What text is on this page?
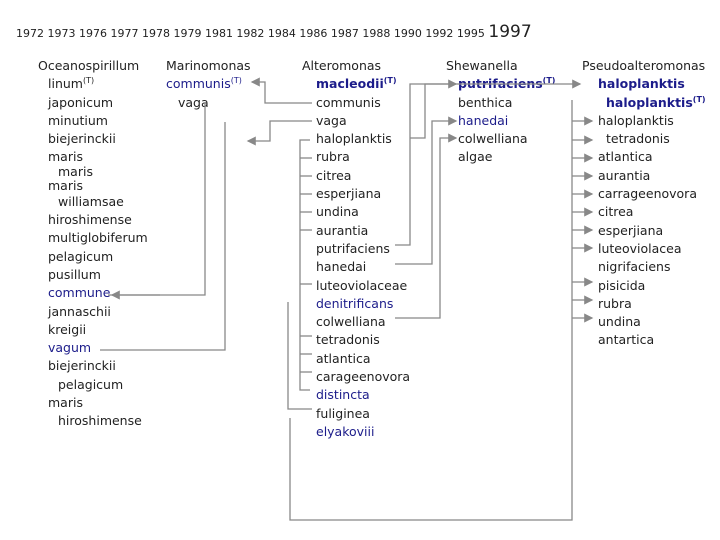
1972 1973 1976 1977 1978 1979 1981 1982 1984 1986 1987 1988 1990 1992 1995 1997
Oceanospirillum
linum$^{(T)}$
japonicum
minutium
biejerinckii
maris
maris
maris
williamsae
hiroshimense
multiglobiferum
pelagicum
pusillum
commune
jannaschii
kreigii
vagum
biejerinckii
pelagicum
maris
hiroshimense
Marinomonas
communis$^{(T)}$
vaga
Alteromonas
macleodii$^{(T)}$
communis
vaga
haloplanktis
rubra
citrea
esperjiana
undina
aurantia
putrifaciens
hanedai
luteoviolaceae
denitrificans
colwelliana
tetradonis
atlantica
carageenovora
distincta
fuliginea
elyakoviii
Shewanella
putrifaciens$^{(T)}$
benthica
hanedai
colwelliana
algae
Pseudoalteromonas
haloplanktis
haloplanktis$^{(T)}$
haloplanktis
tetradonis
atlantica
aurantia
carrageenovora
citrea
esperjiana
luteoviolacea
nigrifaciens
pisicida
rubra
undina
antartica
